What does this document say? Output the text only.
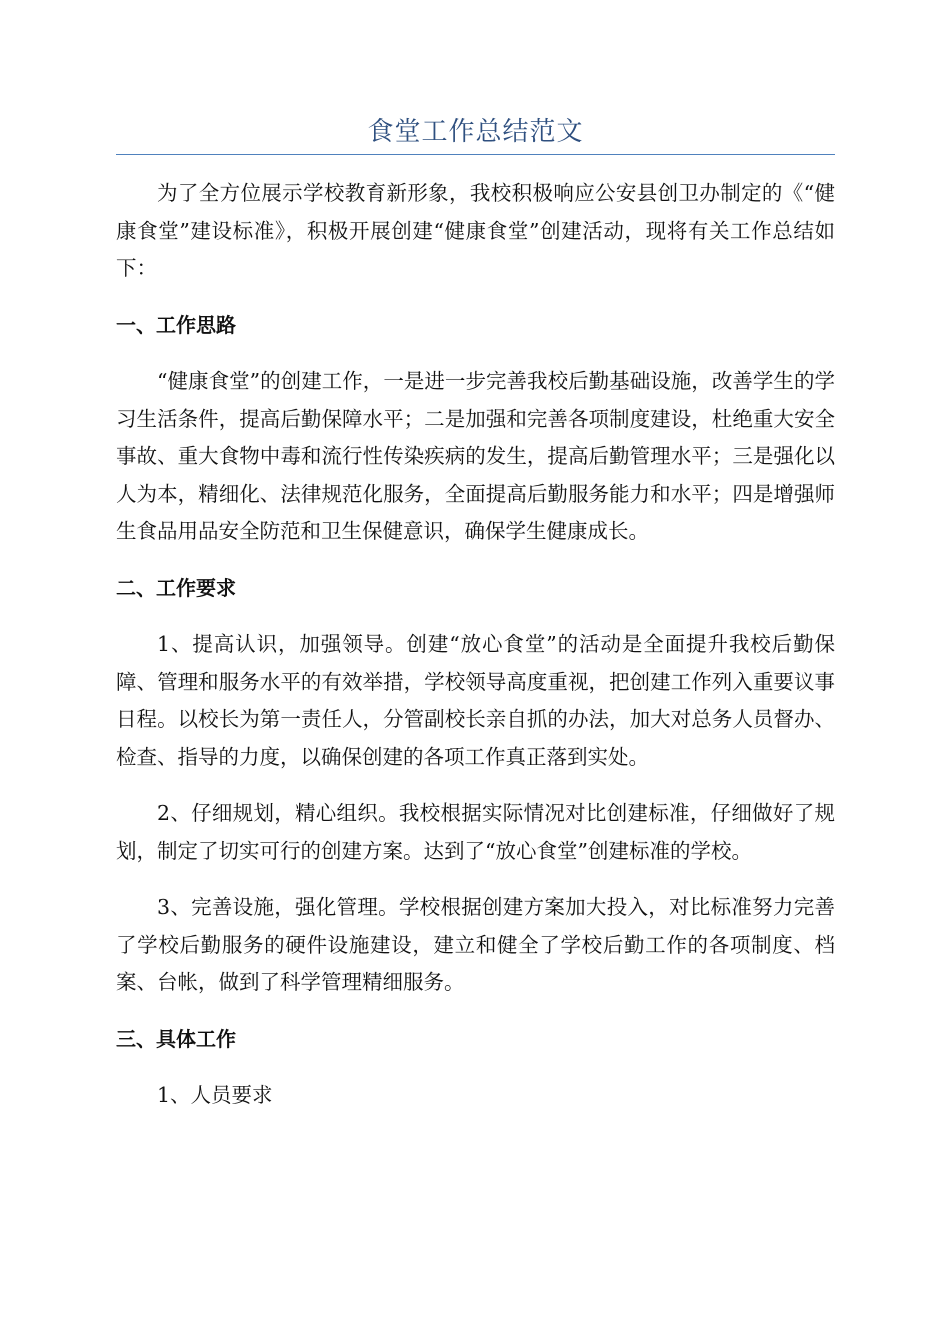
食堂工作总结范文

为了全方位展示学校教育新形象，我校积极响应公安县创卫办制定的《“健康食堂”建设标准》，积极开展创建“健康食堂”创建活动，现将有关工作总结如下：

一、工作思路

“健康食堂”的创建工作，一是进一步完善我校后勤基础设施，改善学生的学习生活条件，提高后勤保障水平；二是加强和完善各项制度建设，杜绝重大安全事故、重大食物中毒和流行性传染疾病的发生，提高后勤管理水平；三是强化以人为本，精细化、法律规范化服务，全面提高后勤服务能力和水平；四是增强师生食品用品安全防范和卫生保健意识，确保学生健康成长。

二、工作要求

1、提高认识，加强领导。创建“放心食堂”的活动是全面提升我校后勤保障、管理和服务水平的有效举措，学校领导高度重视，把创建工作列入重要议事日程。以校长为第一责任人，分管副校长亲自抓的办法，加大对总务人员督办、检查、指导的力度，以确保创建的各项工作真正落到实处。

2、仔细规划，精心组织。我校根据实际情况对比创建标准，仔细做好了规划，制定了切实可行的创建方案。达到了“放心食堂”创建标准的学校。

3、完善设施，强化管理。学校根据创建方案加大投入，对比标准努力完善了学校后勤服务的硬件设施建设，建立和健全了学校后勤工作的各项制度、档案、台帐，做到了科学管理精细服务。

三、具体工作

1、人员要求
